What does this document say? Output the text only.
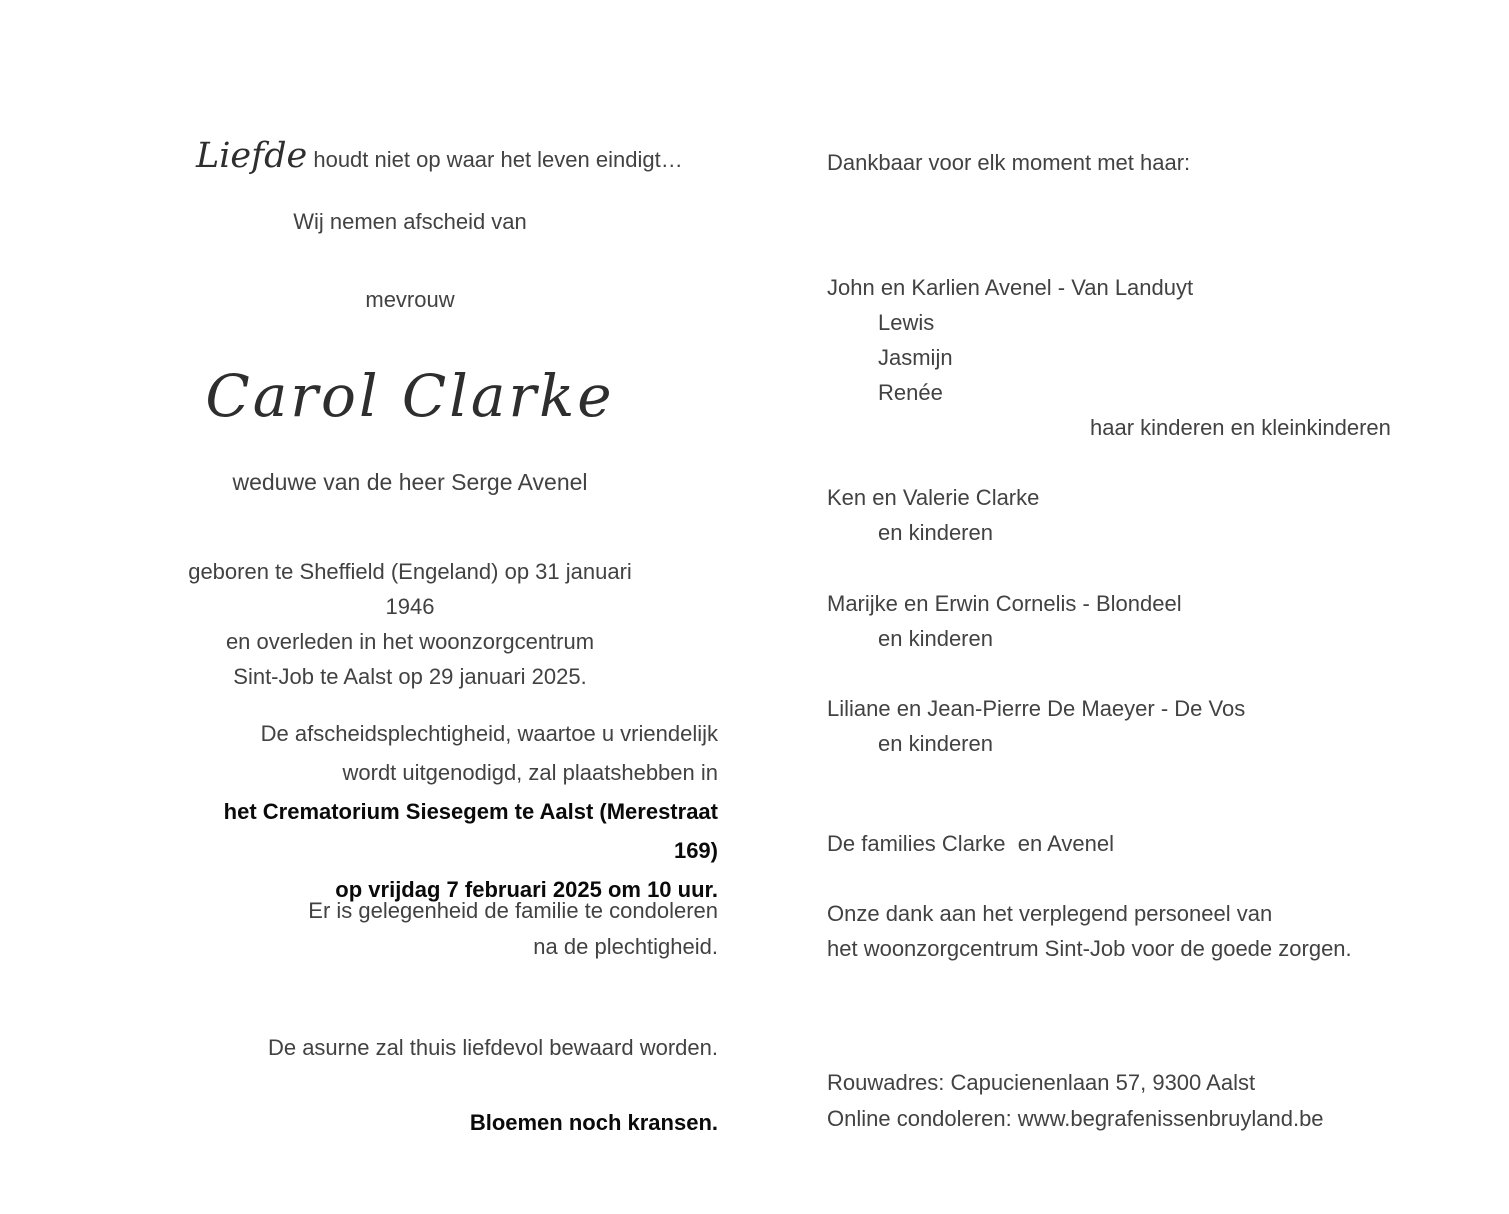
Liefde houdt niet op waar het leven eindigt…
Wij nemen afscheid van
mevrouw
Carol Clarke
weduwe van de heer Serge Avenel
geboren te Sheffield (Engeland) op 31 januari 1946
en overleden in het woonzorgcentrum
Sint-Job te Aalst op 29 januari 2025.
De afscheidsplechtigheid, waartoe u vriendelijk
wordt uitgenodigd, zal plaatshebben in
het Crematorium Siesegem te Aalst (Merestraat 169)
op vrijdag 7 februari 2025 om 10 uur.
Er is gelegenheid de familie te condoleren
na de plechtigheid.
De asurne zal thuis liefdevol bewaard worden.
Bloemen noch kransen.
Dankbaar voor elk moment met haar:
John en Karlien Avenel - Van Landuyt
Lewis
Jasmijn
Renée
haar kinderen en kleinkinderen
Ken en Valerie Clarke
en kinderen
Marijke en Erwin Cornelis - Blondeel
en kinderen
Liliane en Jean-Pierre De Maeyer - De Vos
en kinderen
De families Clarke  en Avenel
Onze dank aan het verplegend personeel van
het woonzorgcentrum Sint-Job voor de goede zorgen.
Rouwadres: Capucienenlaan 57, 9300 Aalst
Online condoleren: www.begrafenissenbruyland.be
